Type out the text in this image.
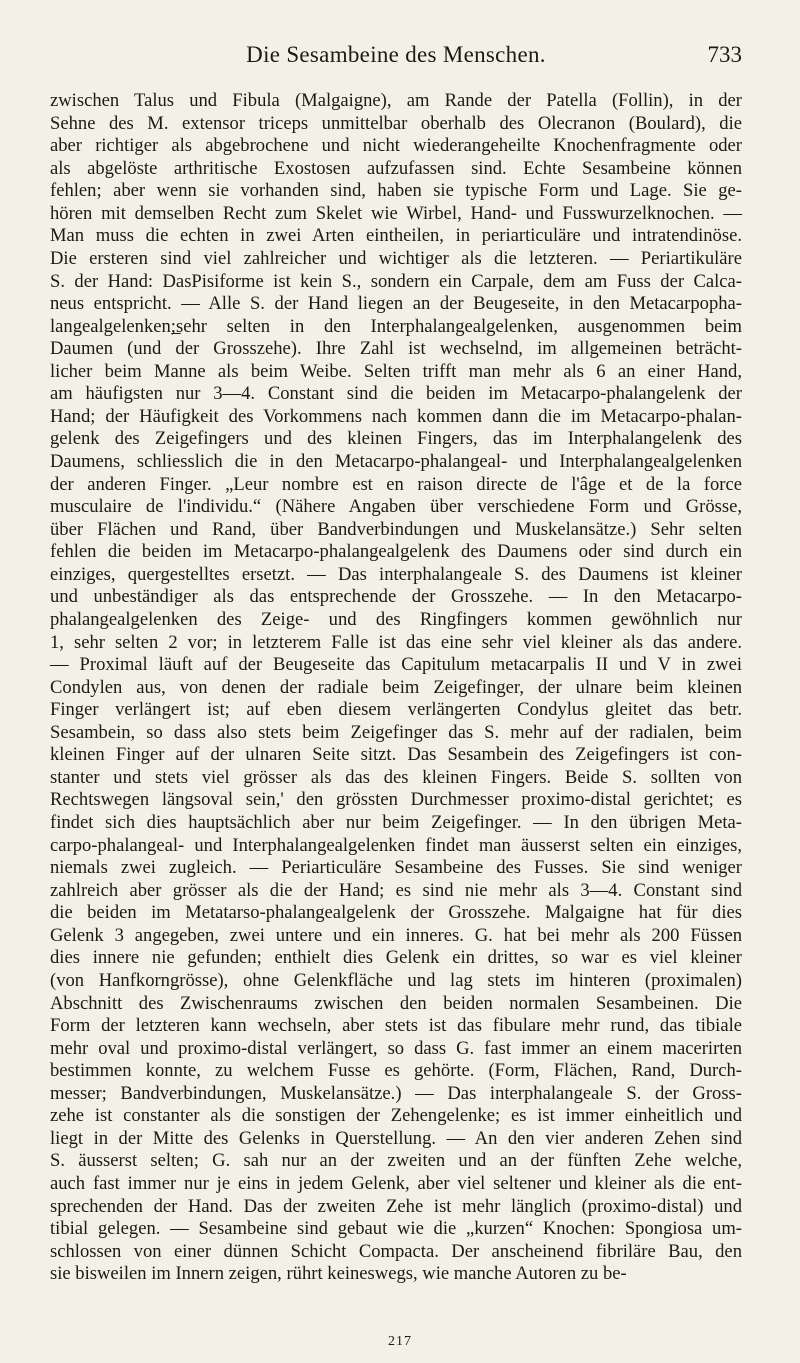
Die Sesambeine des Menschen.	733
zwischen Talus und Fibula (Malgaigne), am Rande der Patella (Follin), in der
Sehne des M. extensor triceps unmittelbar oberhalb des Olecranon (Boulard), die
aber richtiger als abgebrochene und nicht wiederangeheilte Knochenfragmente oder
als abgelöste arthritische Exostosen aufzufassen sind. Echte Sesambeine können
fehlen; aber wenn sie vorhanden sind, haben sie typische Form und Lage. Sie ge-
hören mit demselben Recht zum Skelet wie Wirbel, Hand- und Fusswurzelknochen. —
Man muss die echten in zwei Arten eintheilen, in periarticuläre und intratendinöse.
Die ersteren sind viel zahlreicher und wichtiger als die letzteren. — Periartikuläre
S. der Hand: DasPisiforme ist kein S., sondern ein Carpale, dem am Fuss der Calca-
neus entspricht. — Alle S. der Hand liegen an der Beugeseite, in den Metacarpopha-
langealgelenken;̲sehr selten in den Interphalangealgelenken, ausgenommen beim
Daumen (und der Grosszehe). Ihre Zahl ist wechselnd, im allgemeinen beträcht-
licher beim Manne als beim Weibe. Selten trifft man mehr als 6 an einer Hand,
am häufigsten nur 3—4. Constant sind die beiden im Metacarpo-phalangelenk der
Hand; der Häufigkeit des Vorkommens nach kommen dann die im Metacarpo-phalan-
gelenk des Zeigefingers und des kleinen Fingers, das im Interphalangelenk des
Daumens, schliesslich die in den Metacarpo-phalangeal- und Interphalangealgelenken
der anderen Finger. „Leur nombre est en raison directe de l'âge et de la force
musculaire de l'individu.“ (Nähere Angaben über verschiedene Form und Grösse,
über Flächen und Rand, über Bandverbindungen und Muskelansätze.) Sehr selten
fehlen die beiden im Metacarpo-phalangealgelenk des Daumens oder sind durch ein
einziges, quergestelltes ersetzt. — Das interphalangeale S. des Daumens ist kleiner
und unbeständiger als das entsprechende der Grosszehe. — In den Metacarpo-
phalangealgelenken des Zeige- und des Ringfingers kommen gewöhnlich nur
1, sehr selten 2 vor; in letzterem Falle ist das eine sehr viel kleiner als das andere.
— Proximal läuft auf der Beugeseite das Capitulum metacarpalis II und V in zwei
Condylen aus, von denen der radiale beim Zeigefinger, der ulnare beim kleinen
Finger verlängert ist; auf eben diesem verlängerten Condylus gleitet das betr.
Sesambein, so dass also stets beim Zeigefinger das S. mehr auf der radialen, beim
kleinen Finger auf der ulnaren Seite sitzt. Das Sesambein des Zeigefingers ist con-
stanter und stets viel grösser als das des kleinen Fingers. Beide S. sollten von
Rechtswegen längsoval sein,' den grössten Durchmesser proximo-distal gerichtet; es
findet sich dies hauptsächlich aber nur beim Zeigefinger. — In den übrigen Meta-
carpo-phalangeal- und Interphalangealgelenken findet man äusserst selten ein einziges,
niemals zwei zugleich. — Periarticuläre Sesambeine des Fusses. Sie sind weniger
zahlreich aber grösser als die der Hand; es sind nie mehr als 3—4. Constant sind
die beiden im Metatarso-phalangealgelenk der Grosszehe. Malgaigne hat für dies
Gelenk 3 angegeben, zwei untere und ein inneres. G. hat bei mehr als 200 Füssen
dies innere nie gefunden; enthielt dies Gelenk ein drittes, so war es viel kleiner
(von Hanfkorngrösse), ohne Gelenkfläche und lag stets im hinteren (proximalen)
Abschnitt des Zwischenraums zwischen den beiden normalen Sesambeinen. Die
Form der letzteren kann wechseln, aber stets ist das fibulare mehr rund, das tibiale
mehr oval und proximo-distal verlängert, so dass G. fast immer an einem macerirten
bestimmen konnte, zu welchem Fusse es gehörte. (Form, Flächen, Rand, Durch-
messer; Bandverbindungen, Muskelansätze.) — Das interphalangeale S. der Gross-
zehe ist constanter als die sonstigen der Zehengelenke; es ist immer einheitlich und
liegt in der Mitte des Gelenks in Querstellung. — An den vier anderen Zehen sind
S. äusserst selten; G. sah nur an der zweiten und an der fünften Zehe welche,
auch fast immer nur je eins in jedem Gelenk, aber viel seltener und kleiner als die ent-
sprechenden der Hand. Das der zweiten Zehe ist mehr länglich (proximo-distal) und
tibial gelegen. — Sesambeine sind gebaut wie die „kurzen“ Knochen: Spongiosa um-
schlossen von einer dünnen Schicht Compacta. Der anscheinend fibriläre Bau, den
sie bisweilen im Innern zeigen, rührt keineswegs, wie manche Autoren zu be-
217
